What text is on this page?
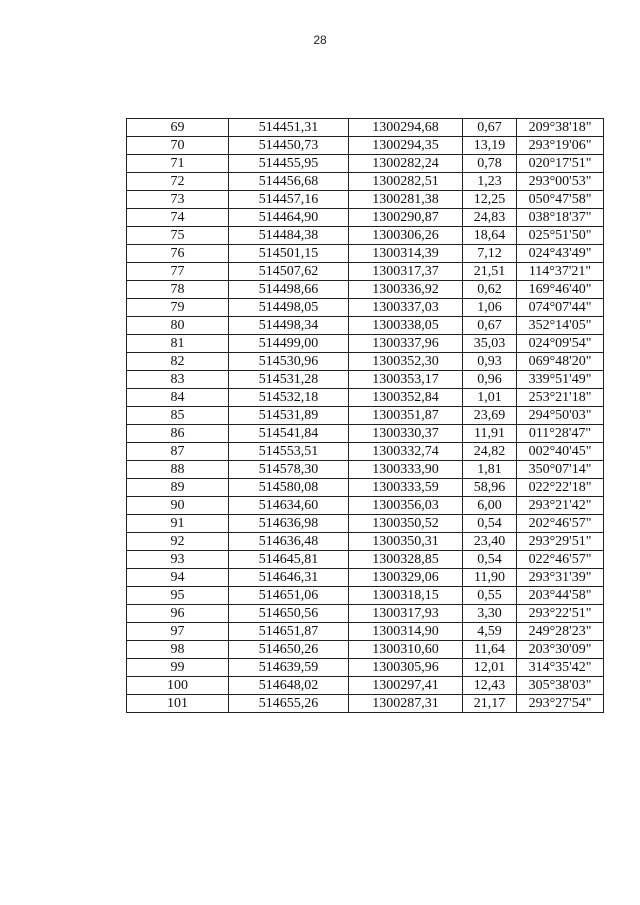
28
69	514451,31	1300294,68	0,67	209°38'18"
70	514450,73	1300294,35	13,19	293°19'06"
71	514455,95	1300282,24	0,78	020°17'51"
72	514456,68	1300282,51	1,23	293°00'53"
73	514457,16	1300281,38	12,25	050°47'58"
74	514464,90	1300290,87	24,83	038°18'37"
75	514484,38	1300306,26	18,64	025°51'50"
76	514501,15	1300314,39	7,12	024°43'49"
77	514507,62	1300317,37	21,51	114°37'21"
78	514498,66	1300336,92	0,62	169°46'40"
79	514498,05	1300337,03	1,06	074°07'44"
80	514498,34	1300338,05	0,67	352°14'05"
81	514499,00	1300337,96	35,03	024°09'54"
82	514530,96	1300352,30	0,93	069°48'20"
83	514531,28	1300353,17	0,96	339°51'49"
84	514532,18	1300352,84	1,01	253°21'18"
85	514531,89	1300351,87	23,69	294°50'03"
86	514541,84	1300330,37	11,91	011°28'47"
87	514553,51	1300332,74	24,82	002°40'45"
88	514578,30	1300333,90	1,81	350°07'14"
89	514580,08	1300333,59	58,96	022°22'18"
90	514634,60	1300356,03	6,00	293°21'42"
91	514636,98	1300350,52	0,54	202°46'57"
92	514636,48	1300350,31	23,40	293°29'51"
93	514645,81	1300328,85	0,54	022°46'57"
94	514646,31	1300329,06	11,90	293°31'39"
95	514651,06	1300318,15	0,55	203°44'58"
96	514650,56	1300317,93	3,30	293°22'51"
97	514651,87	1300314,90	4,59	249°28'23"
98	514650,26	1300310,60	11,64	203°30'09"
99	514639,59	1300305,96	12,01	314°35'42"
100	514648,02	1300297,41	12,43	305°38'03"
101	514655,26	1300287,31	21,17	293°27'54"
